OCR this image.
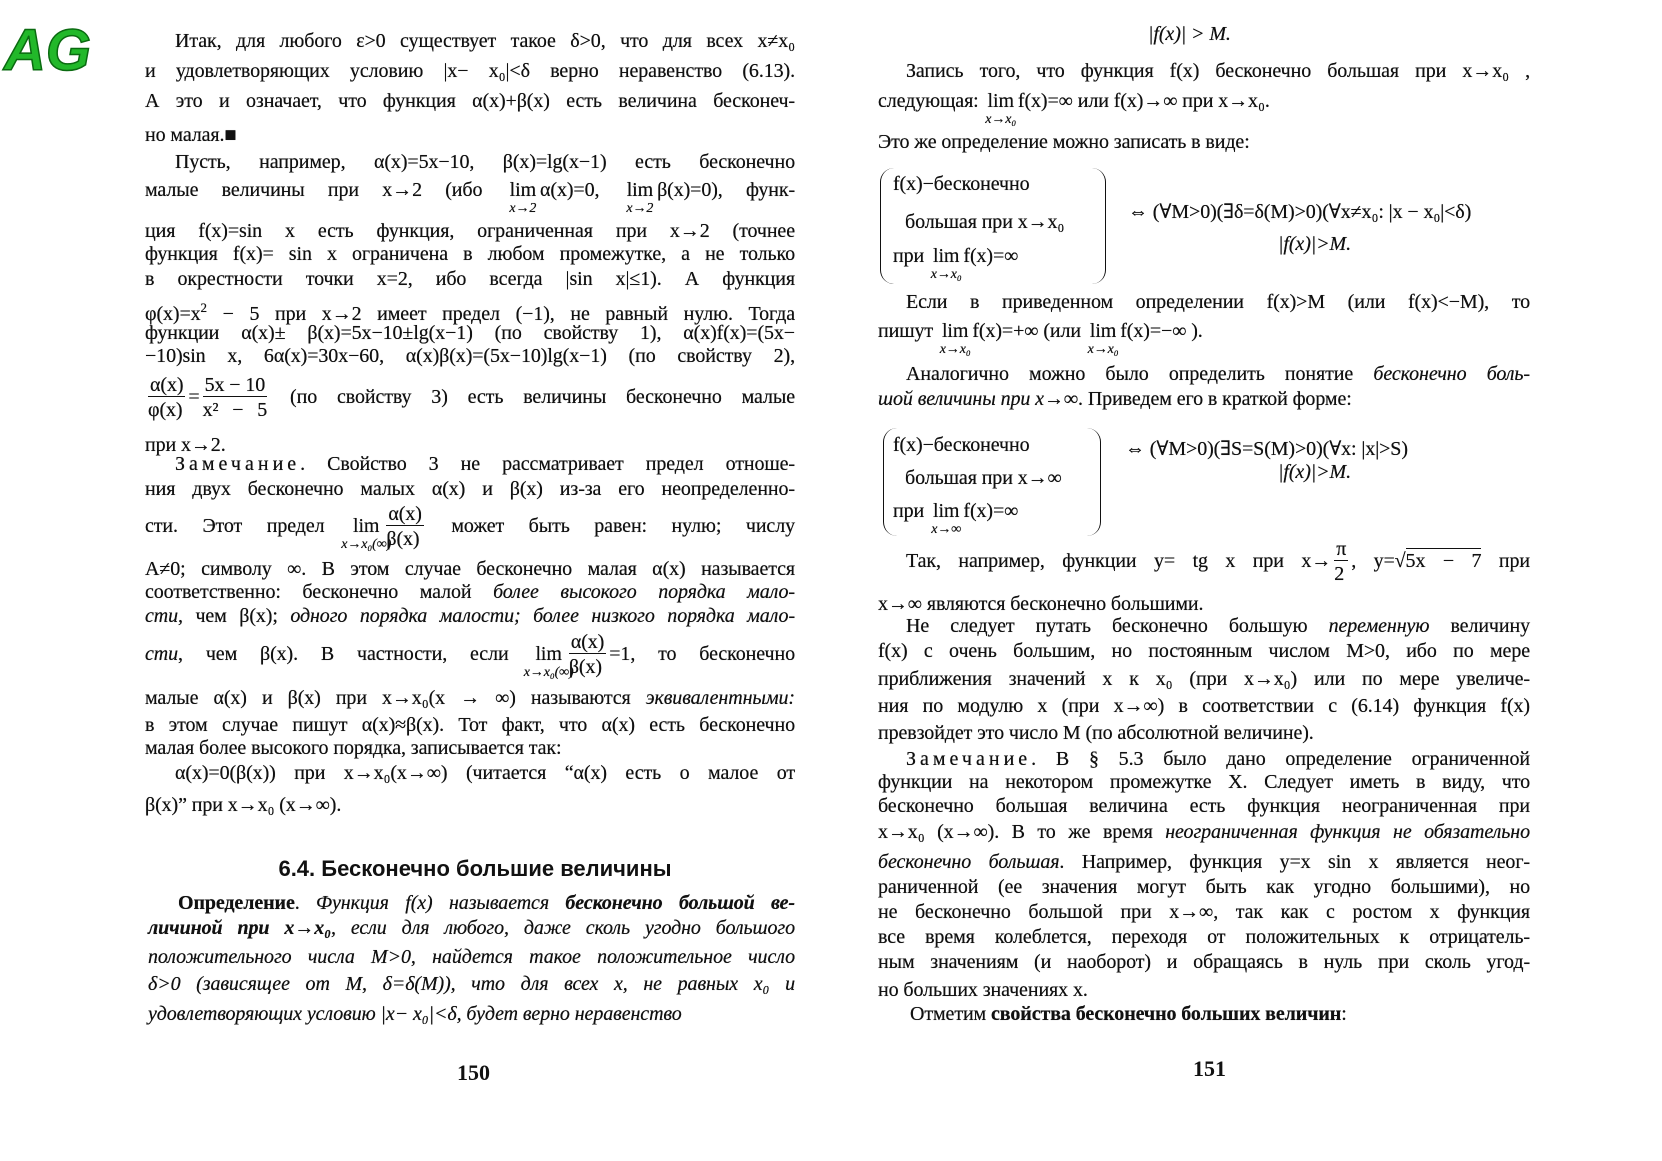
AG	Итак, для любого ε>0 существует такое δ>0, что для всех x≠x₀
и удовлетворяющих условию |x− x₀|<δ верно неравенство (6.13).
А это и означает, что функция α(x)+β(x) есть величина бесконеч-
но малая.■
Пусть, например, α(x)=5x−10, β(x)=lg(x−1) есть бесконечно
малые величины при x→2 (ибо lim
x→2
α(x)=0, lim
x→2
β(x)=0), функ-
ция f(x)=sin x есть функция, ограниченная при x→2 (точнее
функция f(x)= sin x ограничена в любом промежутке, а не только
в окрестности точки x=2, ибо всегда |sin x|≤1). А функция
$\varphi(x)=x^2 - 5$ при x→2 имеет предел (−1), не равный нулю. Тогда
функции α(x)± β(x)=5x−10±lg(x−1) (по свойству 1), α(x)f(x)=(5x−
−10)sin x, 6α(x)=30x−60, α(x)β(x)=(5x−10)lg(x−1) (по свойству 2),
$\frac{\alpha(x)}{\varphi(x)} = \frac{5x - 10}{\text{x² − 5}} (по$ свойству 3) есть величины бесконечно малые
при x→2.
Замечание. Свойство 3 не рассматривает предел отноше-
ния двух бесконечно малых α(x) и β(x) из-за его неопределенно-
сти. Этот предел lim
x→x₀(∞)
$\frac{\alpha(x)}{\beta(x)}$ может быть равен: нулю; числу
A≠0; символу ∞. В этом случае бесконечно малая α(x) называется
соответственно: бесконечно малой более высокого порядка мало-
сти, чем β(x); одного порядка малости; более низкого порядка мало-
сти, чем β(x). В частности, если lim
x→x₀(∞)
$\frac{\alpha(x)}{\beta(x)} =1$, то бесконечно
малые α(x) и β(x) при x→x₀(x → ∞) называются эквивалентными:
в этом случае пишут α(x)≈β(x). Тот факт, что α(x) есть бесконечно
малая более высокого порядка, записывается так:
α(x)=0(β(x)) при x→x₀(x→∞) (читается “α(x) есть о малое от
β(x)” при x→x₀ (x→∞).
6.4. Бесконечно большие величины
Определение. Функция f(x) называется бесконечно большой ве-
личиной при x→x₀, если для любого, даже сколь угодно большого
положительного числа M>0, найдется такое положительное число
δ>0 (зависящее от M, δ=δ(M)), что для всех x, не равных x₀ и
удовлетворяющих условию |x− x₀|<δ, будет верно неравенство
150
|f(x)| > M.
Запись того, что функция f(x) бесконечно большая при x→x₀ ,
следующая: lim
x→x₀
f(x)=∞ или f(x)→∞ при x→x₀.
Это же определение можно записать в виде:
f(x)−бесконечно
большая при x→x₀
при lim
x→x₀
f(x)=∞
⇔ (∀M>0)(∃δ=δ(M)>0)(∀x≠x₀: |x − x₀|<δ)
|f(x)|>M.
Если в приведенном определении f(x)>M (или f(x)<−M), то
пишут lim
x→x₀
f(x)=+∞ (или lim
x→x₀
f(x)=−∞ ).
Аналогично можно было определить понятие бесконечно боль-
шой величины при x→∞. Приведем его в краткой форме:
f(x)−бесконечно
большая при x→∞
при lim
x→∞
f(x)=∞
⇔ (∀M>0)(∃S=S(M)>0)(∀x: |x|>S)
|f(x)|>M.
Так, например, функции y= tg x при $x\to \frac{\pi}{2}$ , y=√5x − 7 при
x→∞ являются бесконечно большими.
Не следует путать бесконечно большую переменную величину
f(x) с очень большим, но постоянным числом M>0, ибо по мере
приближения значений x к x₀ (при x→x₀) или по мере увеличе-
ния по модулю x (при x→∞) в соответствии с (6.14) функция f(x)
превзойдет это число M (по абсолютной величине).
Замечание. В § 5.3 было дано определение ограниченной
функции на некотором промежутке X. Следует иметь в виду, что
бесконечно большая величина есть функция неограниченная при
x→x₀ (x→∞). В то же время неограниченная функция не обязательно
бесконечно большая. Например, функция y=x sin x является неог-
раниченной (ее значения могут быть как угодно большими), но
не бесконечно большой при x→∞, так как с ростом x функция
все время колеблется, переходя от положительных к отрицатель-
ным значениям (и наоборот) и обращаясь в нуль при сколь угод-
но больших значениях x.
Отметим свойства бесконечно больших величин:
151
